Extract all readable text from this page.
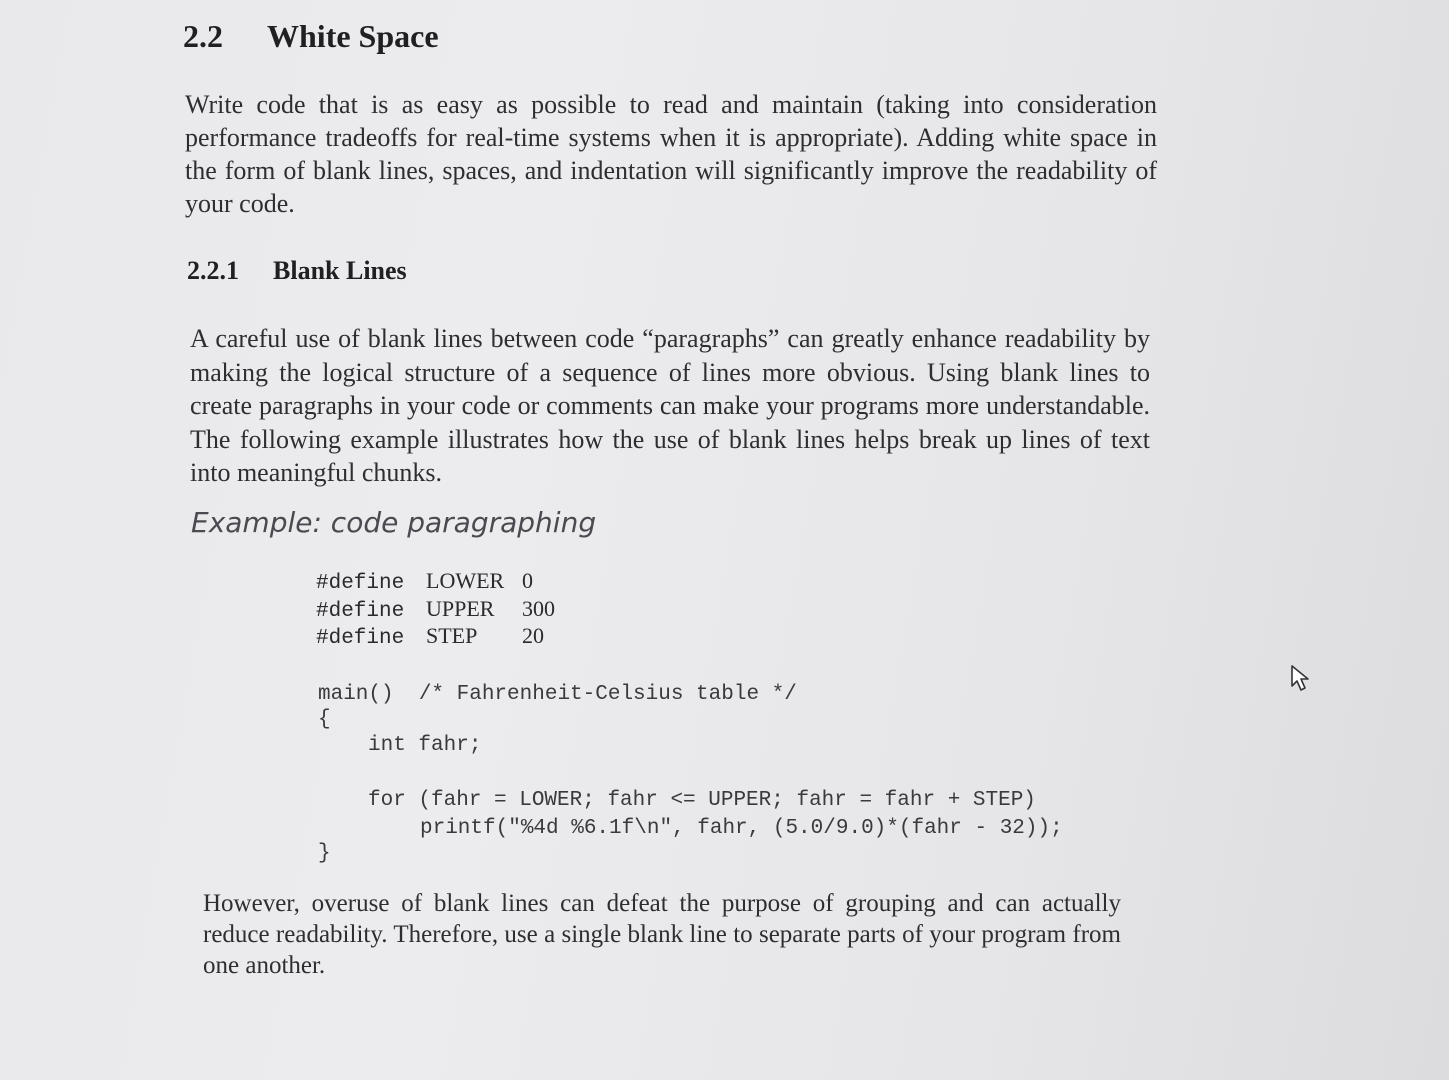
2.2 White Space
Write code that is as easy as possible to read and maintain (taking into consideration performance tradeoffs for real-time systems when it is appropriate). Adding white space in the form of blank lines, spaces, and indentation will significantly improve the readability of your code.
2.2.1 Blank Lines
A careful use of blank lines between code “paragraphs” can greatly enhance readability by making the logical structure of a sequence of lines more obvious. Using blank lines to create paragraphs in your code or comments can make your programs more understandable. The following example illustrates how the use of blank lines helps break up lines of text into meaningful chunks.
Example: code paragraphing
#define LOWER 0
#define UPPER 300
#define STEP 20
main()  /* Fahrenheit-Celsius table */
{
int fahr;
for (fahr = LOWER; fahr <= UPPER; fahr = fahr + STEP)
printf("%4d %6.1f\n", fahr, (5.0/9.0)*(fahr - 32));
}
However, overuse of blank lines can defeat the purpose of grouping and can actually reduce readability. Therefore, use a single blank line to separate parts of your program from one another.
